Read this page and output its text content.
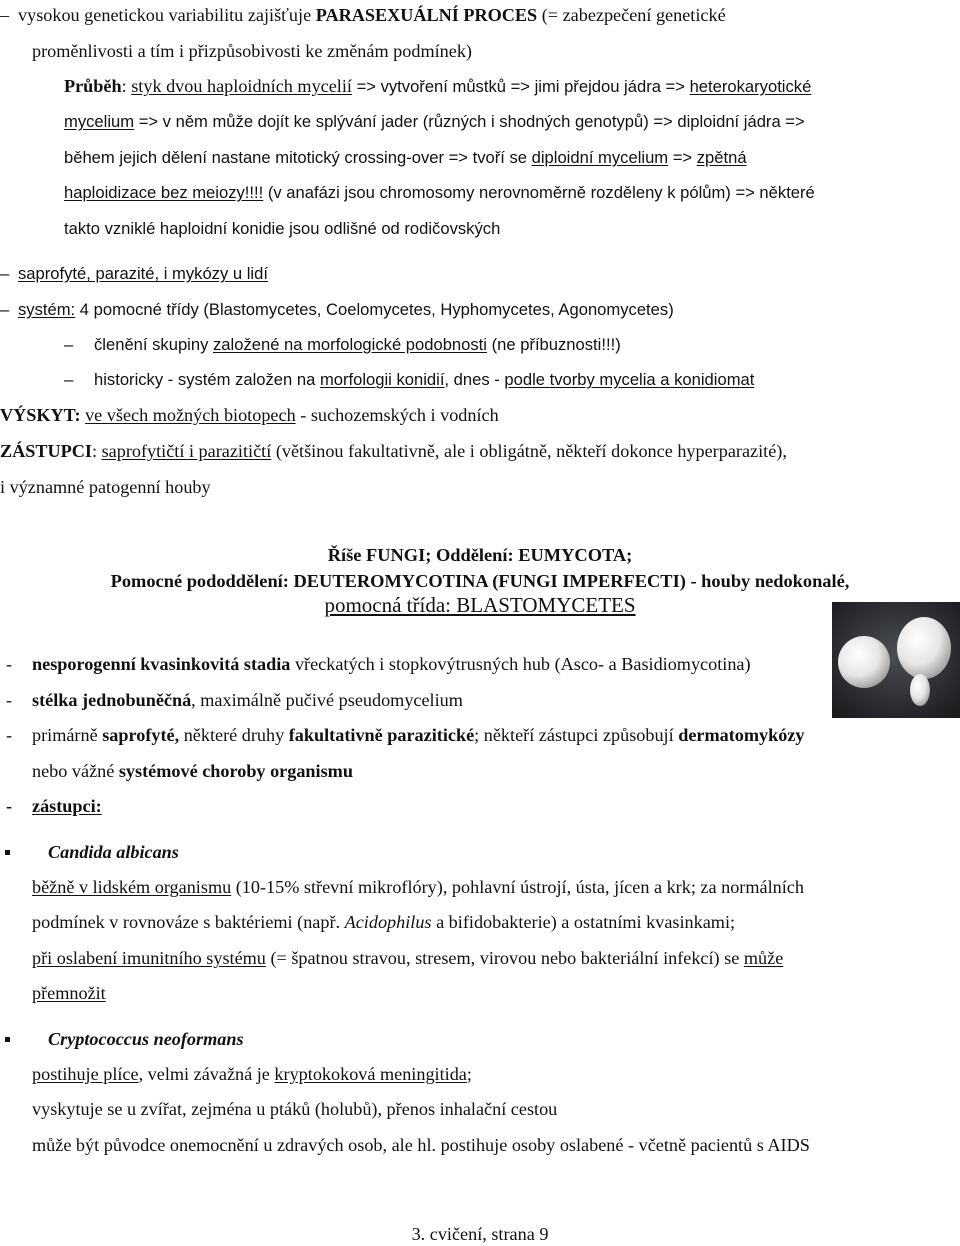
– vysokou genetickou variabilitu zajišťuje PARASEXUÁLNÍ PROCES (= zabezpečení genetické
proměnlivosti a tím i přizpůsobivosti ke změnám podmínek)
Průběh: styk dvou haploidních mycelií => vytvoření můstků => jimi přejdou jádra => heterokaryotické
mycelium => v něm může dojít ke splývání jader (různých i shodných genotypů) => diploidní jádra =>
během jejich dělení nastane mitotický crossing-over => tvoří se diploidní mycelium => zpětná
haploidizace bez meiozy!!!! (v anafázi jsou chromosomy nerovnoměrně rozděleny k pólům) => některé
takto vzniklé haploidní konidie jsou odlišné od rodičovských
– saprofyté, parazité, i mykózy u lidí
– systém: 4 pomocné třídy (Blastomycetes, Coelomycetes, Hyphomycetes, Agonomycetes)
– členění skupiny založené na morfologické podobnosti (ne příbuznosti!!!)
– historicky - systém založen na morfologii konidií, dnes - podle tvorby mycelia a konidiomat
VÝSKYT: ve všech možných biotopech - suchozemských i vodních
ZÁSTUPCI: saprofytičtí i parazitičtí (většinou fakultativně, ale i obligátně, někteří dokonce hyperparazité),
i významné patogenní houby
Říše FUNGI; Oddělení: EUMYCOTA;
Pomocné pododdělení: DEUTEROMYCOTINA (FUNGI IMPERFECTI) - houby nedokonalé,
pomocná třída: BLASTOMYCETES
- nesporogenní kvasinkovitá stadia vřeckatých i stopkovýtrusných hub (Asco- a Basidiomycotina)
- stélka jednobuněčná, maximálně pučivé pseudomycelium
- primárně saprofyté, některé druhy fakultativně parazitické; někteří zástupci způsobují dermatomykózy
nebo vážné systémové choroby organismu
- zástupci:
Candida albicans
běžně v lidském organismu (10-15% střevní mikroflóry), pohlavní ústrojí, ústa, jícen a krk; za normálních
podmínek v rovnováze s baktériemi (např. Acidophilus a bifidobakterie) a ostatními kvasinkami;
při oslabení imunitního systému (= špatnou stravou, stresem, virovou nebo bakteriální infekcí) se může
přemnožit
Cryptococcus neoformans
postihuje plíce, velmi závažná je kryptokoková meningitida;
vyskytuje se u zvířat, zejména u ptáků (holubů), přenos inhalační cestou
může být původce onemocnění u zdravých osob, ale hl. postihuje osoby oslabené - včetně pacientů s AIDS
3. cvičení, strana 9
